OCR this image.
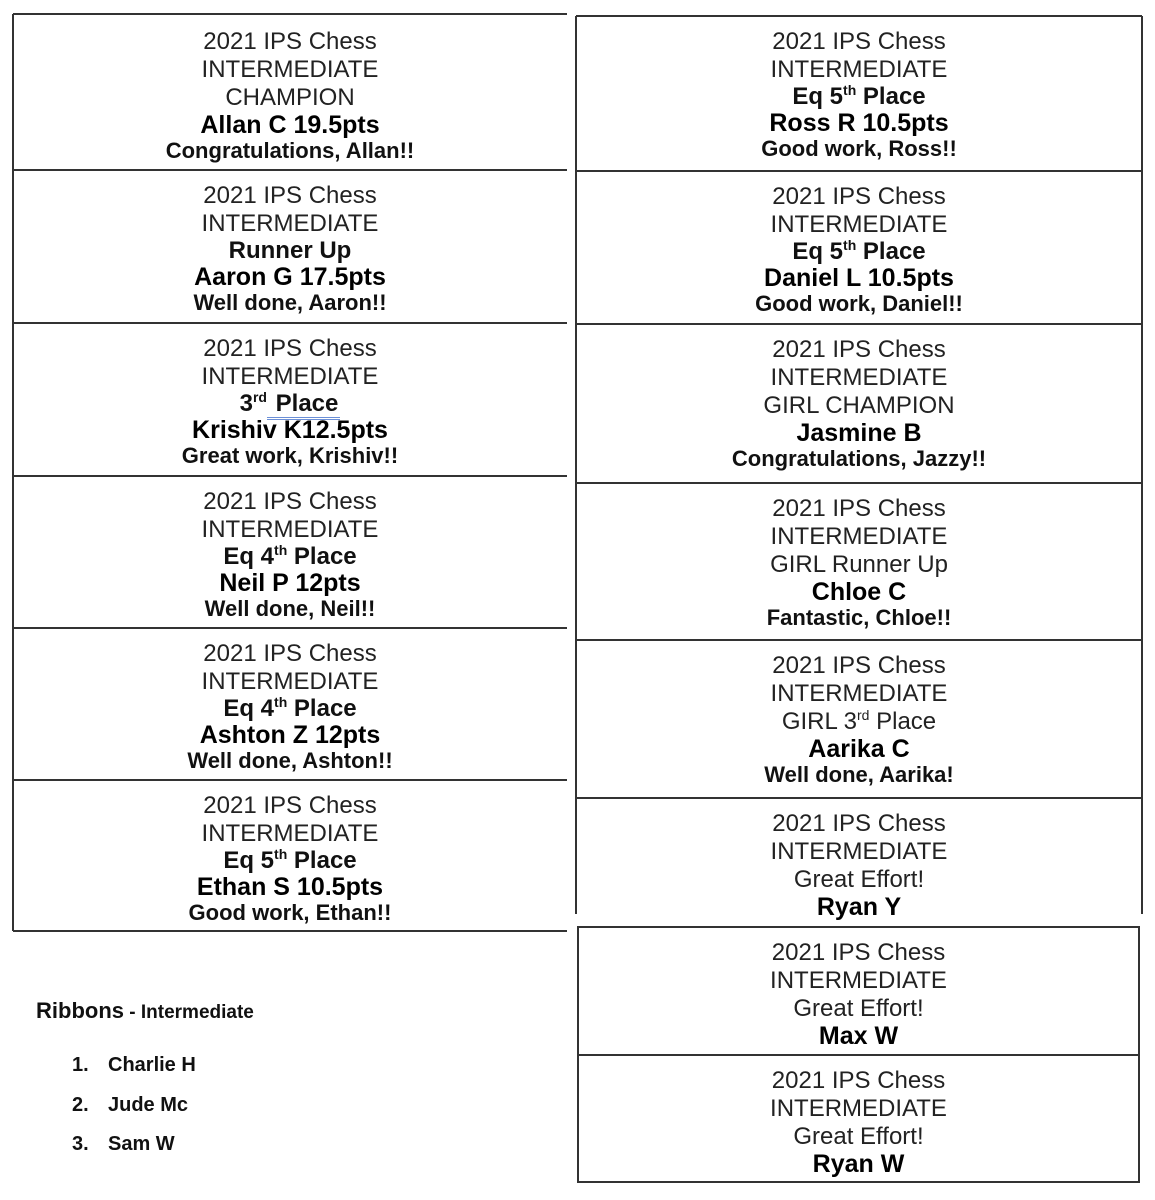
2021 IPS Chess
INTERMEDIATE
CHAMPION
Allan C 19.5pts
Congratulations, Allan!!
2021 IPS Chess
INTERMEDIATE
Runner Up
Aaron G 17.5pts
Well done, Aaron!!
2021 IPS Chess
INTERMEDIATE
3rd Place
Krishiv K12.5pts
Great work, Krishiv!!
2021 IPS Chess
INTERMEDIATE
Eq 4th Place
Neil P 12pts
Well done, Neil!!
2021 IPS Chess
INTERMEDIATE
Eq 4th Place
Ashton Z 12pts
Well done, Ashton!!
2021 IPS Chess
INTERMEDIATE
Eq 5th Place
Ethan S 10.5pts
Good work, Ethan!!
2021 IPS Chess
INTERMEDIATE
Eq 5th Place
Ross R 10.5pts
Good work, Ross!!
2021 IPS Chess
INTERMEDIATE
Eq 5th Place
Daniel L 10.5pts
Good work, Daniel!!
2021 IPS Chess
INTERMEDIATE
GIRL CHAMPION
Jasmine B
Congratulations, Jazzy!!
2021 IPS Chess
INTERMEDIATE
GIRL Runner Up
Chloe C
Fantastic, Chloe!!
2021 IPS Chess
INTERMEDIATE
GIRL 3rd Place
Aarika C
Well done, Aarika!
2021 IPS Chess
INTERMEDIATE
Great Effort!
Ryan Y
2021 IPS Chess
INTERMEDIATE
Great Effort!
Max W
2021 IPS Chess
INTERMEDIATE
Great Effort!
Ryan W
Ribbons - Intermediate
1. Charlie H
2. Jude Mc
3. Sam W
